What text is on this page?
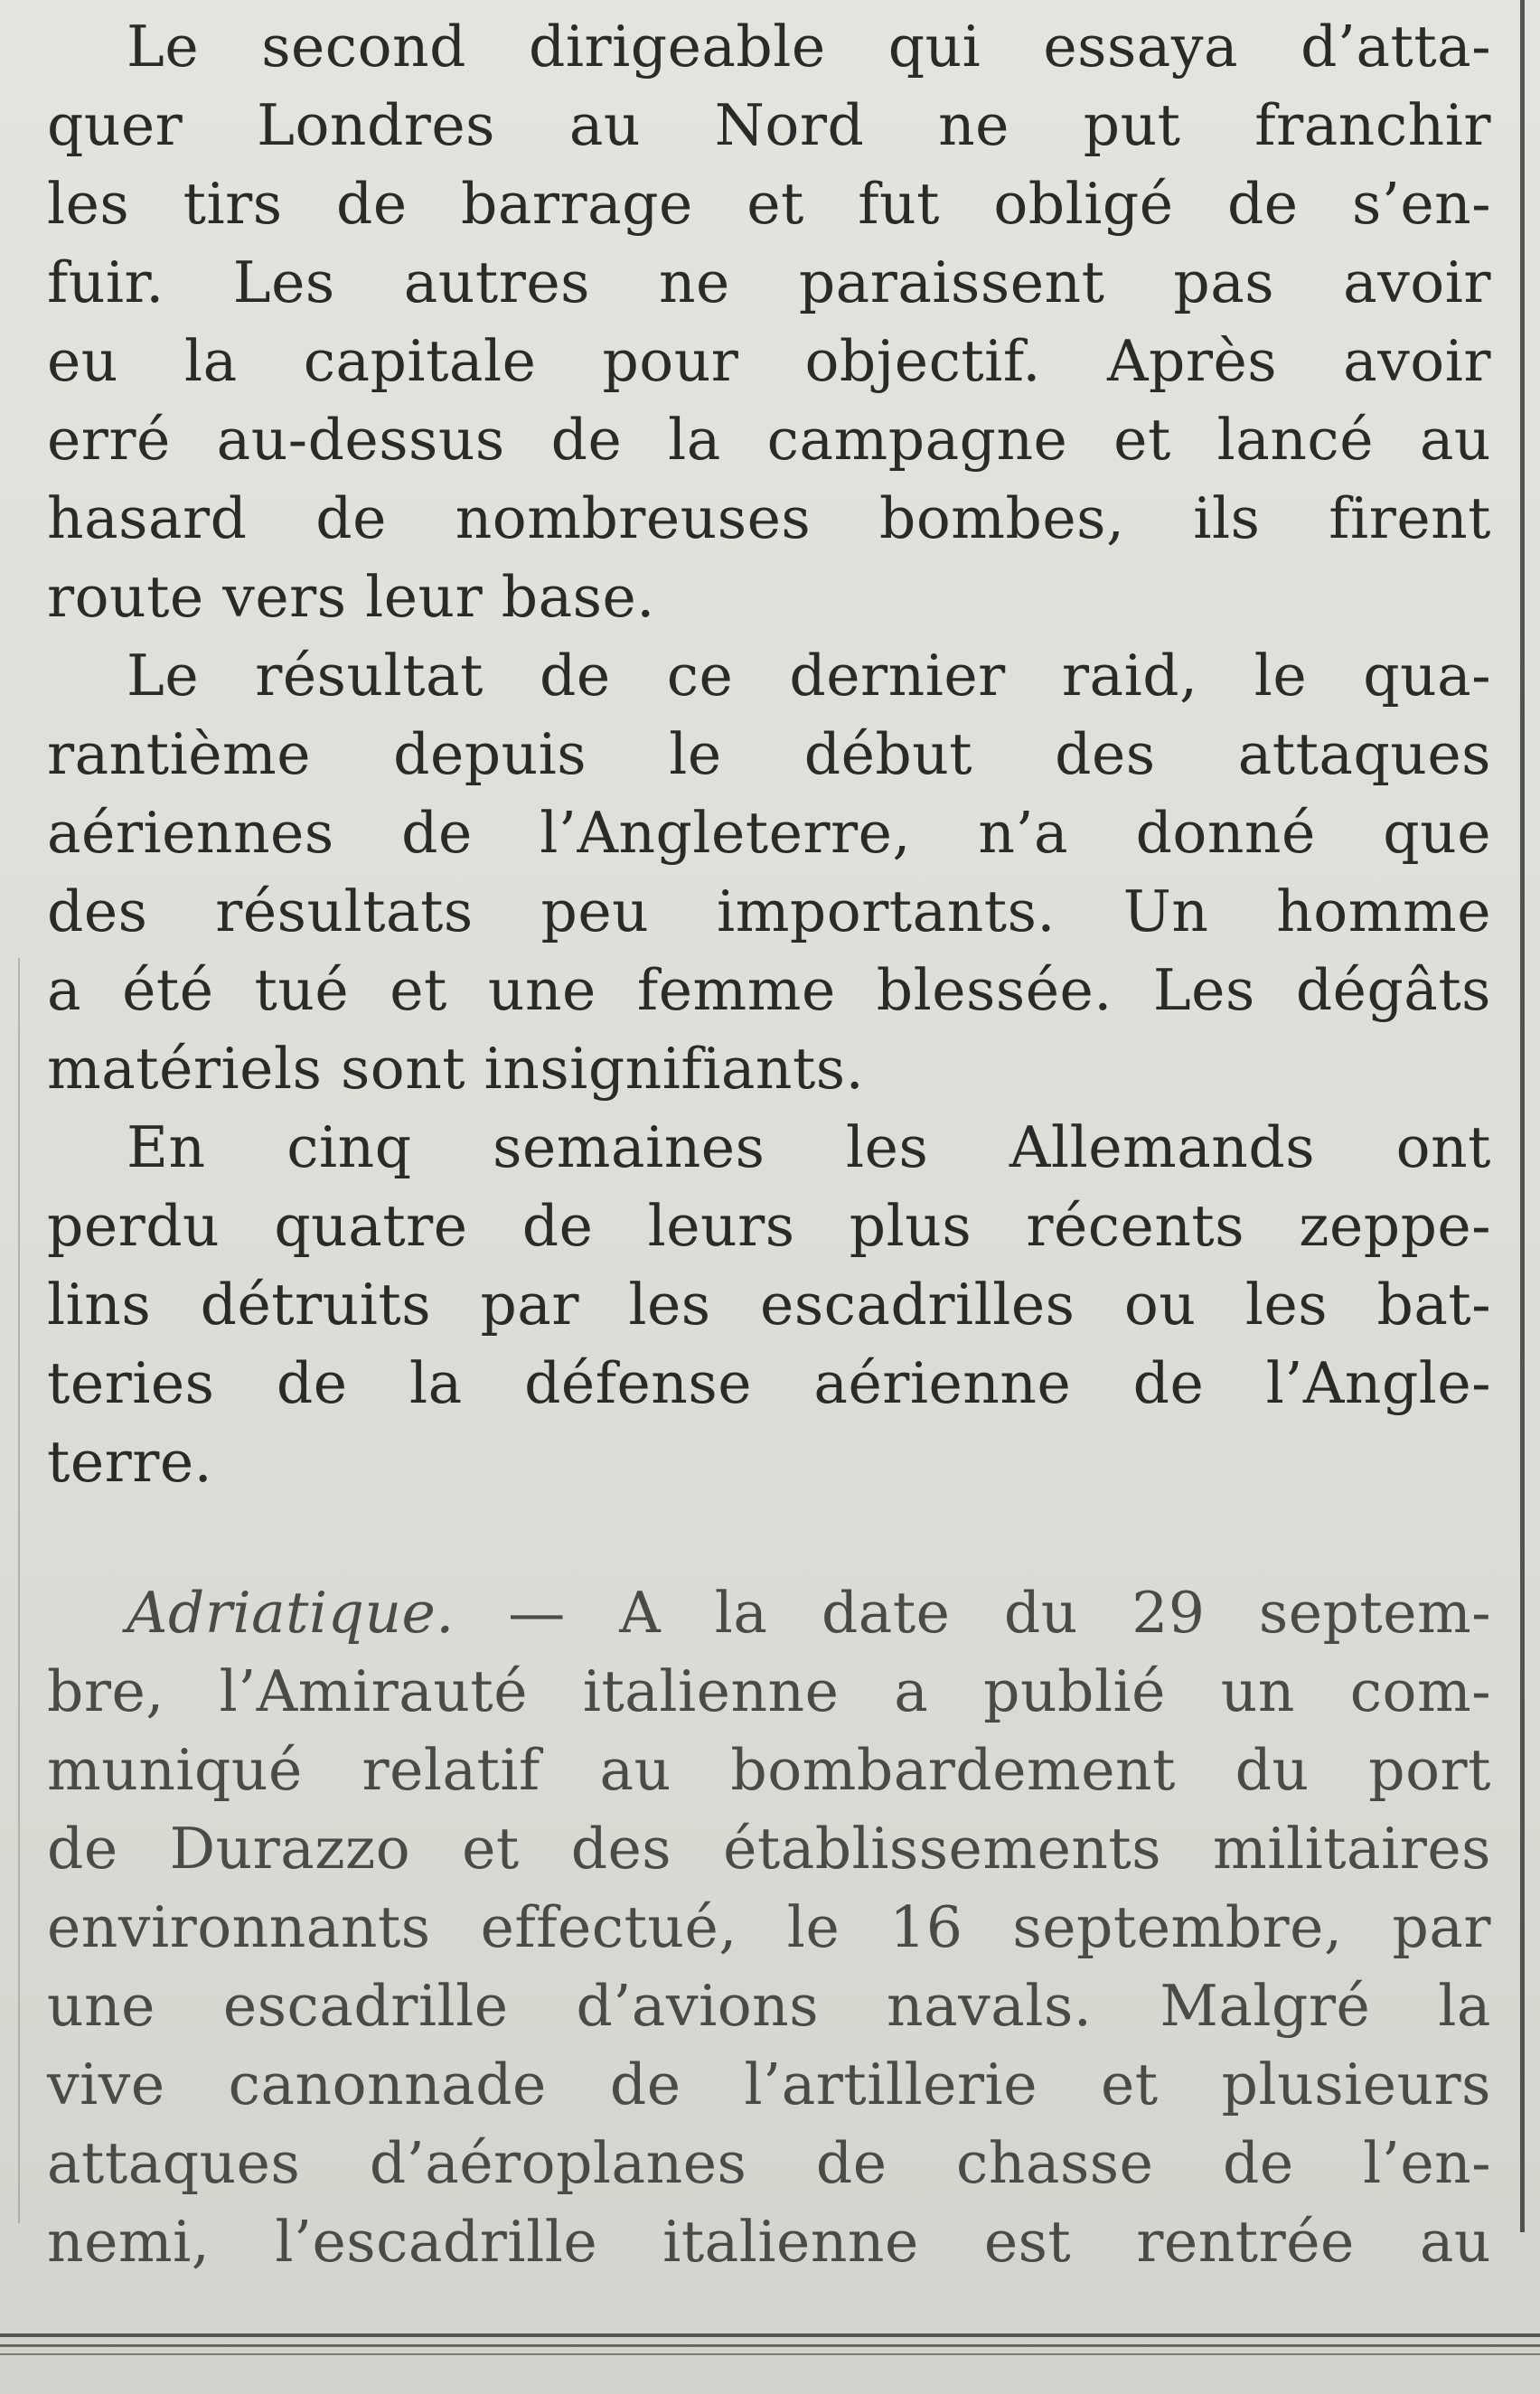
Le second dirigeable qui essaya d’atta-
quer Londres au Nord ne put franchir
les tirs de barrage et fut obligé de s’en-
fuir. Les autres ne paraissent pas avoir
eu la capitale pour objectif. Après avoir
erré au-dessus de la campagne et lancé au
hasard de nombreuses bombes, ils firent
route vers leur base.
Le résultat de ce dernier raid, le qua-
rantième depuis le début des attaques
aériennes de l’Angleterre, n’a donné que
des résultats peu importants. Un homme
a été tué et une femme blessée. Les dégâts
matériels sont insignifiants.
En cinq semaines les Allemands ont
perdu quatre de leurs plus récents zeppe-
lins détruits par les escadrilles ou les bat-
teries de la défense aérienne de l’Angle-
terre.
Adriatique. — A la date du 29 septem-
bre, l’Amirauté italienne a publié un com-
muniqué relatif au bombardement du port
de Durazzo et des établissements militaires
environnants effectué, le 16 septembre, par
une escadrille d’avions navals. Malgré la
vive canonnade de l’artillerie et plusieurs
attaques d’aéroplanes de chasse de l’en-
nemi, l’escadrille italienne est rentrée au
